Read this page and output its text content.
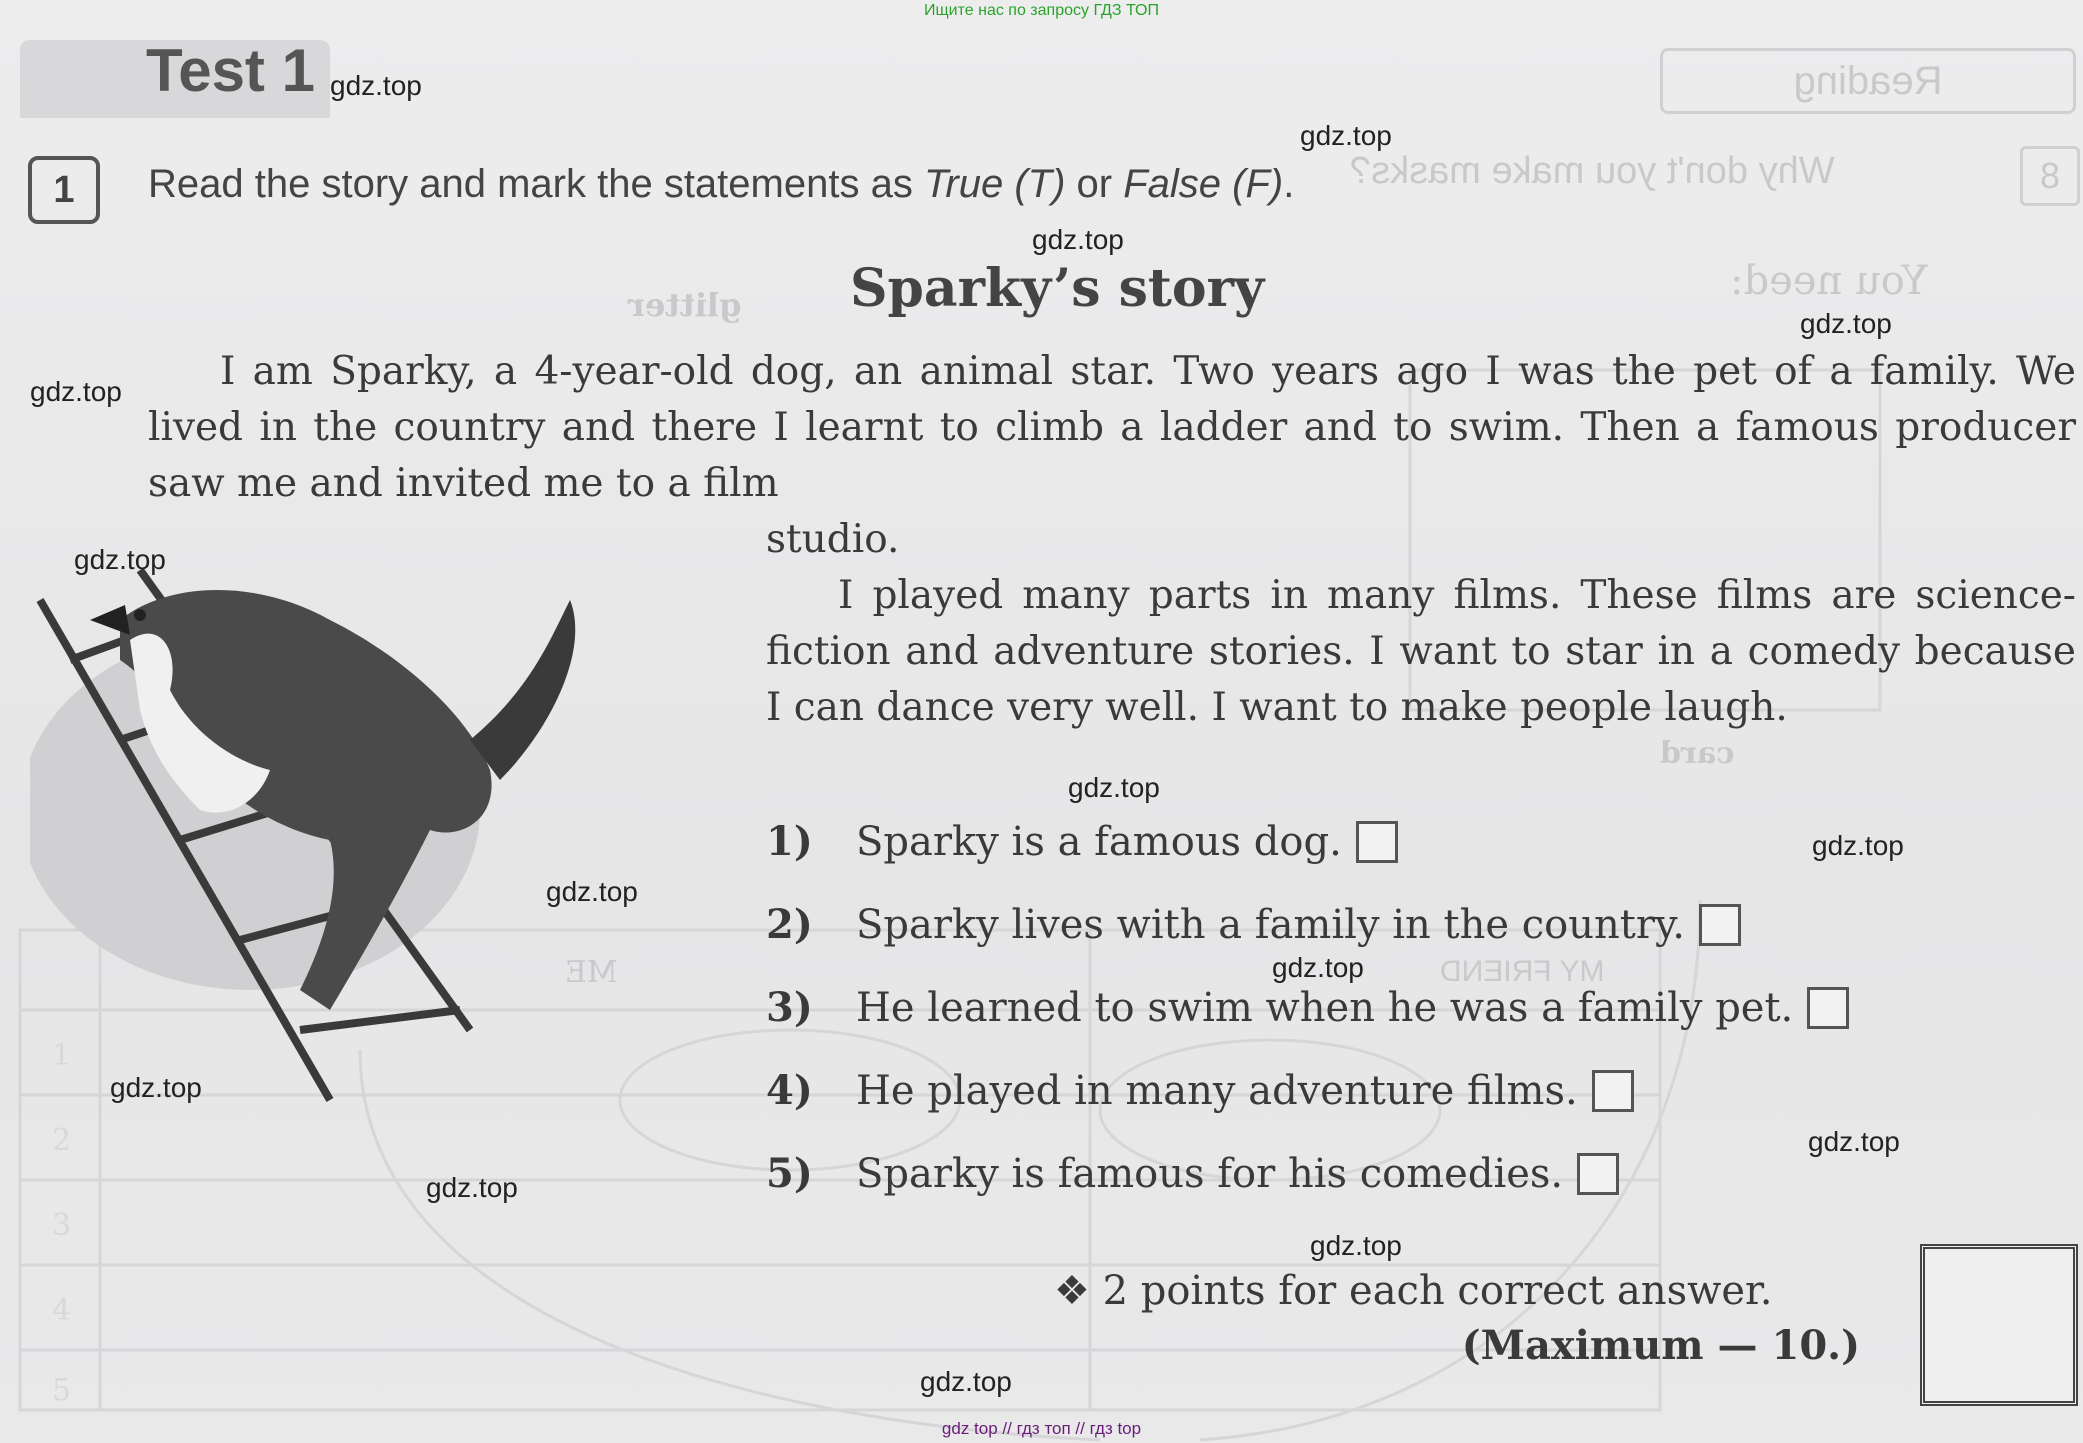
Reading
8
Why don't you make masks?
You need:
glitter
card
ME	MY FRIEND
1
2
3
4
5
Ищите нас по запросу ГДЗ ТОП
Test 1
1	Read the story and mark the statements as True (T) or False (F).
Sparky’s story
I am Sparky, a 4-year-old dog, an animal star. Two years ago I was the pet of a family. We lived in the country and there I learnt to climb a ladder and to swim. Then a famous producer saw me and invited me to a film
studio.
I played many parts in many films. These films are science-fiction and adventure stories. I want to star in a comedy because I can dance very well. I want to make people laugh.
1)	Sparky is a famous dog.
2)	Sparky lives with a family in the country.
3)	He learned to swim when he was a family pet.
4)	He played in many adventure films.
5)	Sparky is famous for his comedies.
❖ 2 points for each correct answer.
(Maximum — 10.)
gdz.top
gdz.top
gdz.top
gdz.top
gdz.top
gdz.top
gdz.top
gdz.top
gdz.top
gdz.top
gdz.top
gdz.top
gdz.top
gdz.top
gdz.top
gdz top // гдз топ // гдз top
